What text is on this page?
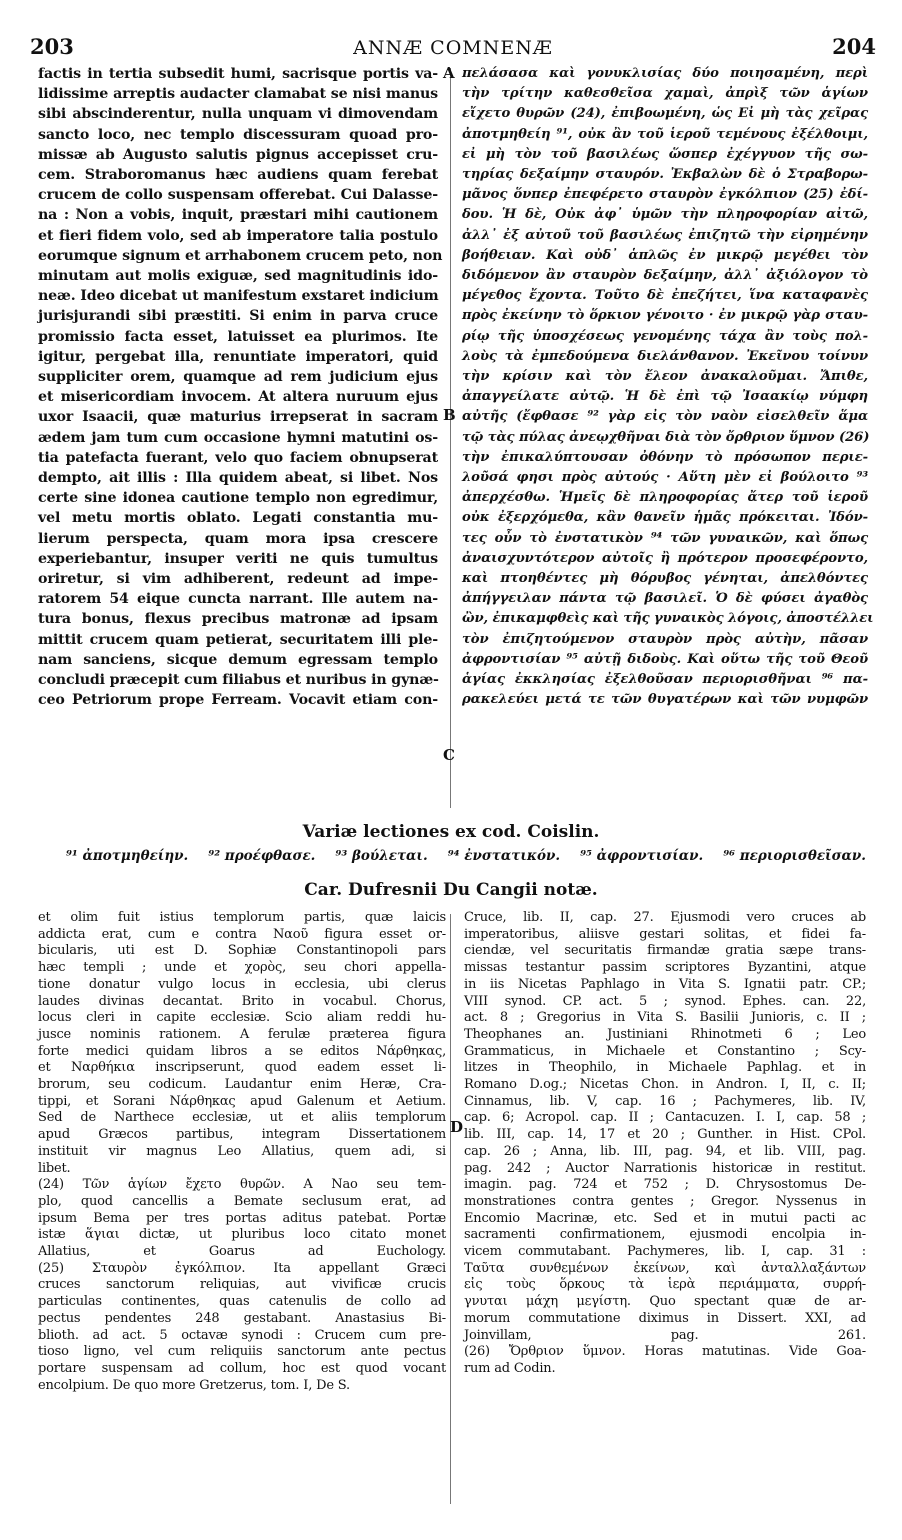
203	ANNÆ COMNENÆ	204
factis in tertia subsedit humi, sacrisque portis va-
lidissime arreptis audacter clamabat se nisi manus
sibi abscinderentur, nulla unquam vi dimovendam
sancto loco, nec templo discessuram quoad pro-
missæ ab Augusto salutis pignus accepisset cru-
cem. Straboromanus hæc audiens quam ferebat
crucem de collo suspensam offerebat. Cui Dalasse-
na : Non a vobis, inquit, præstari mihi cautionem
et fieri fidem volo, sed ab imperatore talia postulo
eorumque signum et arrhabonem crucem peto, non
minutam aut molis exiguæ, sed magnitudinis ido-
neæ. Ideo dicebat ut manifestum exstaret indicium
jurisjurandi sibi præstiti. Si enim in parva cruce
promissio facta esset, latuisset ea plurimos. Ite
igitur, pergebat illa, renuntiate imperatori, quid
suppliciter orem, quamque ad rem judicium ejus
et misericordiam invocem. At altera nuruum ejus
uxor Isaacii, quæ maturius irrepserat in sacram
ædem jam tum cum occasione hymni matutini os-
tia patefacta fuerant, velo quo faciem obnupserat
dempto, ait illis : Illa quidem abeat, si libet. Nos
certe sine idonea cautione templo non egredimur,
vel metu mortis oblato. Legati constantia mu-
lierum perspecta, quam mora ipsa crescere
experiebantur, insuper veriti ne quis tumultus
oriretur, si vim adhiberent, redeunt ad impe-
ratorem 54 eique cuncta narrant. Ille autem na-
tura bonus, flexus precibus matronæ ad ipsam
mittit crucem quam petierat, securitatem illi ple-
nam sanciens, sicque demum egressam templo
concludi præcepit cum filiabus et nuribus in gynæ-
ceo Petriorum prope Ferream. Vocavit etiam con-
πελάσασα καὶ γονυκλισίας δύο ποιησαμένη, περὶ
τὴν τρίτην καθεσθεῖσα χαμαὶ, ἀπρὶξ τῶν ἁγίων
εἴχετο θυρῶν (24), ἐπιβοωμένη, ὡς Εἰ μὴ τὰς χεῖρας
ἀποτμηθείη ⁹¹, οὐκ ἂν τοῦ ἱεροῦ τεμένους ἐξέλθοιμι,
εἰ μὴ τὸν τοῦ βασιλέως ὥσπερ ἐχέγγυον τῆς σω-
τηρίας δεξαίμην σταυρόν. Ἐκβαλὼν δὲ ὁ Στραβορω-
μᾶνος ὅνπερ ἐπεφέρετο σταυρὸν ἐγκόλπιον (25) ἐδί-
δου. Ἡ δὲ, Οὐκ ἀφ᾽ ὑμῶν τὴν πληροφορίαν αἰτῶ,
ἀλλ᾽ ἐξ αὐτοῦ τοῦ βασιλέως ἐπιζητῶ τὴν εἰρημένην
βοήθειαν. Καὶ οὐδ᾽ ἁπλῶς ἐν μικρῷ μεγέθει τὸν
διδόμενον ἂν σταυρὸν δεξαίμην, ἀλλ᾽ ἀξιόλογον τὸ
μέγεθος ἔχοντα. Τοῦτο δὲ ἐπεζήτει, ἵνα καταφανὲς
πρὸς ἐκείνην τὸ ὅρκιον γένοιτο · ἐν μικρῷ γὰρ σταυ-
ρίῳ τῆς ὑποσχέσεως γενομένης τάχα ἂν τοὺς πολ-
λοὺς τὰ ἐμπεδούμενα διελάνθανον. Ἐκεῖνου τοίνυν
τὴν κρίσιν καὶ τὸν ἔλεον ἀνακαλοῦμαι. Ἄπιθε,
ἀπαγγείλατε αὐτῷ. Ἡ δὲ ἐπὶ τῷ Ἰσαακίῳ νύμφη
αὐτῆς (ἔφθασε ⁹² γὰρ εἰς τὸν ναὸν εἰσελθεῖν ἅμα
τῷ τὰς πύλας ἀνεῳχθῆναι διὰ τὸν ὄρθριον ὕμνον (26)
τὴν ἐπικαλύπτουσαν ὀθόνην τὸ πρόσωπον περιε-
λοῦσά φησι πρὸς αὐτούς · Αὕτη μὲν εἰ βούλοιτο ⁹³
ἀπερχέσθω. Ἡμεῖς δὲ πληροφορίας ἄτερ τοῦ ἱεροῦ
οὐκ ἐξερχόμεθα, κἂν θανεῖν ἡμᾶς πρόκειται. Ἰδόν-
τες οὖν τὸ ἐνστατικὸν ⁹⁴ τῶν γυναικῶν, καὶ ὅπως
ἀναισχυντότερον αὐτοῖς ἢ πρότερον προσεφέροντο,
καὶ πτοηθέντες μὴ θόρυβος γένηται, ἀπελθόντες
ἀπήγγειλαν πάντα τῷ βασιλεῖ. Ὁ δὲ φύσει ἀγαθὸς
ὢν, ἐπικαμφθεὶς καὶ τῆς γυναικὸς λόγοις, ἀποστέλλει
τὸν ἐπιζητούμενον σταυρὸν πρὸς αὐτὴν, πᾶσαν
ἀφροντισίαν ⁹⁵ αὐτῇ διδοὺς. Καὶ οὕτω τῆς τοῦ Θεοῦ
ἁγίας ἐκκλησίας ἐξελθοῦσαν περιορισθῆναι ⁹⁶ πα-
ρακελεύει μετά τε τῶν θυγατέρων καὶ τῶν νυμφῶν
A
B
C
Variæ lectiones ex cod. Coislin.
⁹¹ ἀποτμηθείην. ⁹² προέφθασε. ⁹³ βούλεται. ⁹⁴ ἐνστατικόν. ⁹⁵ ἀφροντισίαν. ⁹⁶ περιορισθεῖσαν.
Car. Dufresnii Du Cangii notæ.
et olim fuit istius templorum partis, quæ laicis
addicta erat, cum e contra Ναοῦ figura esset or-
bicularis, uti est D. Sophiæ Constantinopoli pars
hæc templi ; unde et χορὸς, seu chori appella-
tione donatur vulgo locus in ecclesia, ubi clerus
laudes divinas decantat. Brito in vocabul. Chorus,
locus cleri in capite ecclesiæ. Scio aliam reddi hu-
jusce nominis rationem. A ferulæ præterea figura
forte medici quidam libros a se editos Νάρθηκας,
et Ναρθήκια inscripserunt, quod eadem esset li-
brorum, seu codicum. Laudantur enim Heræ, Cra-
tippi, et Sorani Νάρθηκας apud Galenum et Aetium.
Sed de Narthece ecclesiæ, ut et aliis templorum
apud Græcos partibus, integram Dissertationem
instituit vir magnus Leo Allatius, quem adi, si
libet.
(24) Τῶν ἁγίων ἔχετο θυρῶν. A Nao seu tem-
plo, quod cancellis a Bemate seclusum erat, ad
ipsum Bema per tres portas aditus patebat. Portæ
istæ ἅγιαι dictæ, ut pluribus loco citato monet
Allatius, et Goarus ad Euchology.
(25) Σταυρὸν ἐγκόλπιον. Ita appellant Græci
cruces sanctorum reliquias, aut vivificæ crucis
particulas continentes, quas catenulis de collo ad
pectus pendentes 248 gestabant. Anastasius Bi-
blioth. ad act. 5 octavæ synodi : Crucem cum pre-
tioso ligno, vel cum reliquiis sanctorum ante pectus
portare suspensam ad collum, hoc est quod vocant
encolpium. De quo more Gretzerus, tom. I, De S.
Cruce, lib. II, cap. 27. Ejusmodi vero cruces ab
imperatoribus, aliisve gestari solitas, et fidei fa-
ciendæ, vel securitatis firmandæ gratia sæpe trans-
missas testantur passim scriptores Byzantini, atque
in iis Nicetas Paphlago in Vita S. Ignatii patr. CP.;
VIII synod. CP. act. 5 ; synod. Ephes. can. 22,
act. 8 ; Gregorius in Vita S. Basilii Junioris, c. II ;
Theophanes an. Justiniani Rhinotmeti 6 ; Leo
Grammaticus, in Michaele et Constantino ; Scy-
litzes in Theophilo, in Michaele Paphlag. et in
Romano D.og.; Nicetas Chon. in Andron. I, II, c. II;
Cinnamus, lib. V, cap. 16 ; Pachymeres, lib. IV,
cap. 6; Acropol. cap. II ; Cantacuzen. I. I, cap. 58 ;
lib. III, cap. 14, 17 et 20 ; Gunther. in Hist. CPol.
cap. 26 ; Anna, lib. III, pag. 94, et lib. VIII, pag.
pag. 242 ; Auctor Narrationis historicæ in restitut.
imagin. pag. 724 et 752 ; D. Chrysostomus De-
monstrationes contra gentes ; Gregor. Nyssenus in
Encomio Macrinæ, etc. Sed et in mutui pacti ac
sacramenti confirmationem, ejusmodi encolpia in-
vicem commutabant. Pachymeres, lib. I, cap. 31 :
Ταῦτα συνθεμένων ἐκείνων, καὶ ἀνταλλαξάντων
εἰς τοὺς ὅρκους τὰ ἱερὰ περιάμματα, συρρή-
γνυται μάχη μεγίστη. Quo spectant quæ de ar-
morum commutatione diximus in Dissert. XXI, ad
Joinvillam, pag. 261.
(26) Ὄρθριον ὕμνον. Horas matutinas. Vide Goa-
rum ad Codin.
D
